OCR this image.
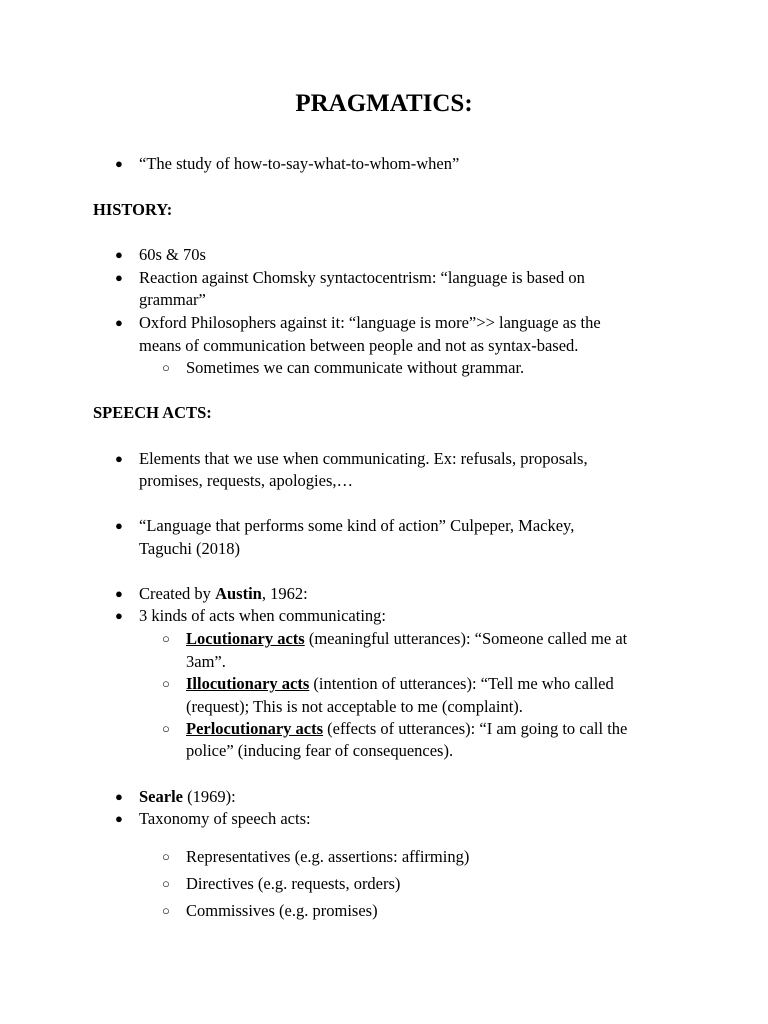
PRAGMATICS:
● “The study of how-to-say-what-to-whom-when”
HISTORY:
● 60s & 70s
● Reaction against Chomsky syntactocentrism: “language is based on
grammar”
● Oxford Philosophers against it: “language is more”>> language as the
means of communication between people and not as syntax-based.
○ Sometimes we can communicate without grammar.
SPEECH ACTS:
● Elements that we use when communicating. Ex: refusals, proposals,
promises, requests, apologies,…
● “Language that performs some kind of action” Culpeper, Mackey,
Taguchi (2018)
● Created by Austin, 1962:
● 3 kinds of acts when communicating:
○ Locutionary acts (meaningful utterances): “Someone called me at
3am”.
○ Illocutionary acts (intention of utterances): “Tell me who called
(request); This is not acceptable to me (complaint).
○ Perlocutionary acts (effects of utterances): “I am going to call the
police” (inducing fear of consequences).
● Searle (1969):
● Taxonomy of speech acts:
○ Representatives (e.g. assertions: affirming)
○ Directives (e.g. requests, orders)
○ Commissives (e.g. promises)
